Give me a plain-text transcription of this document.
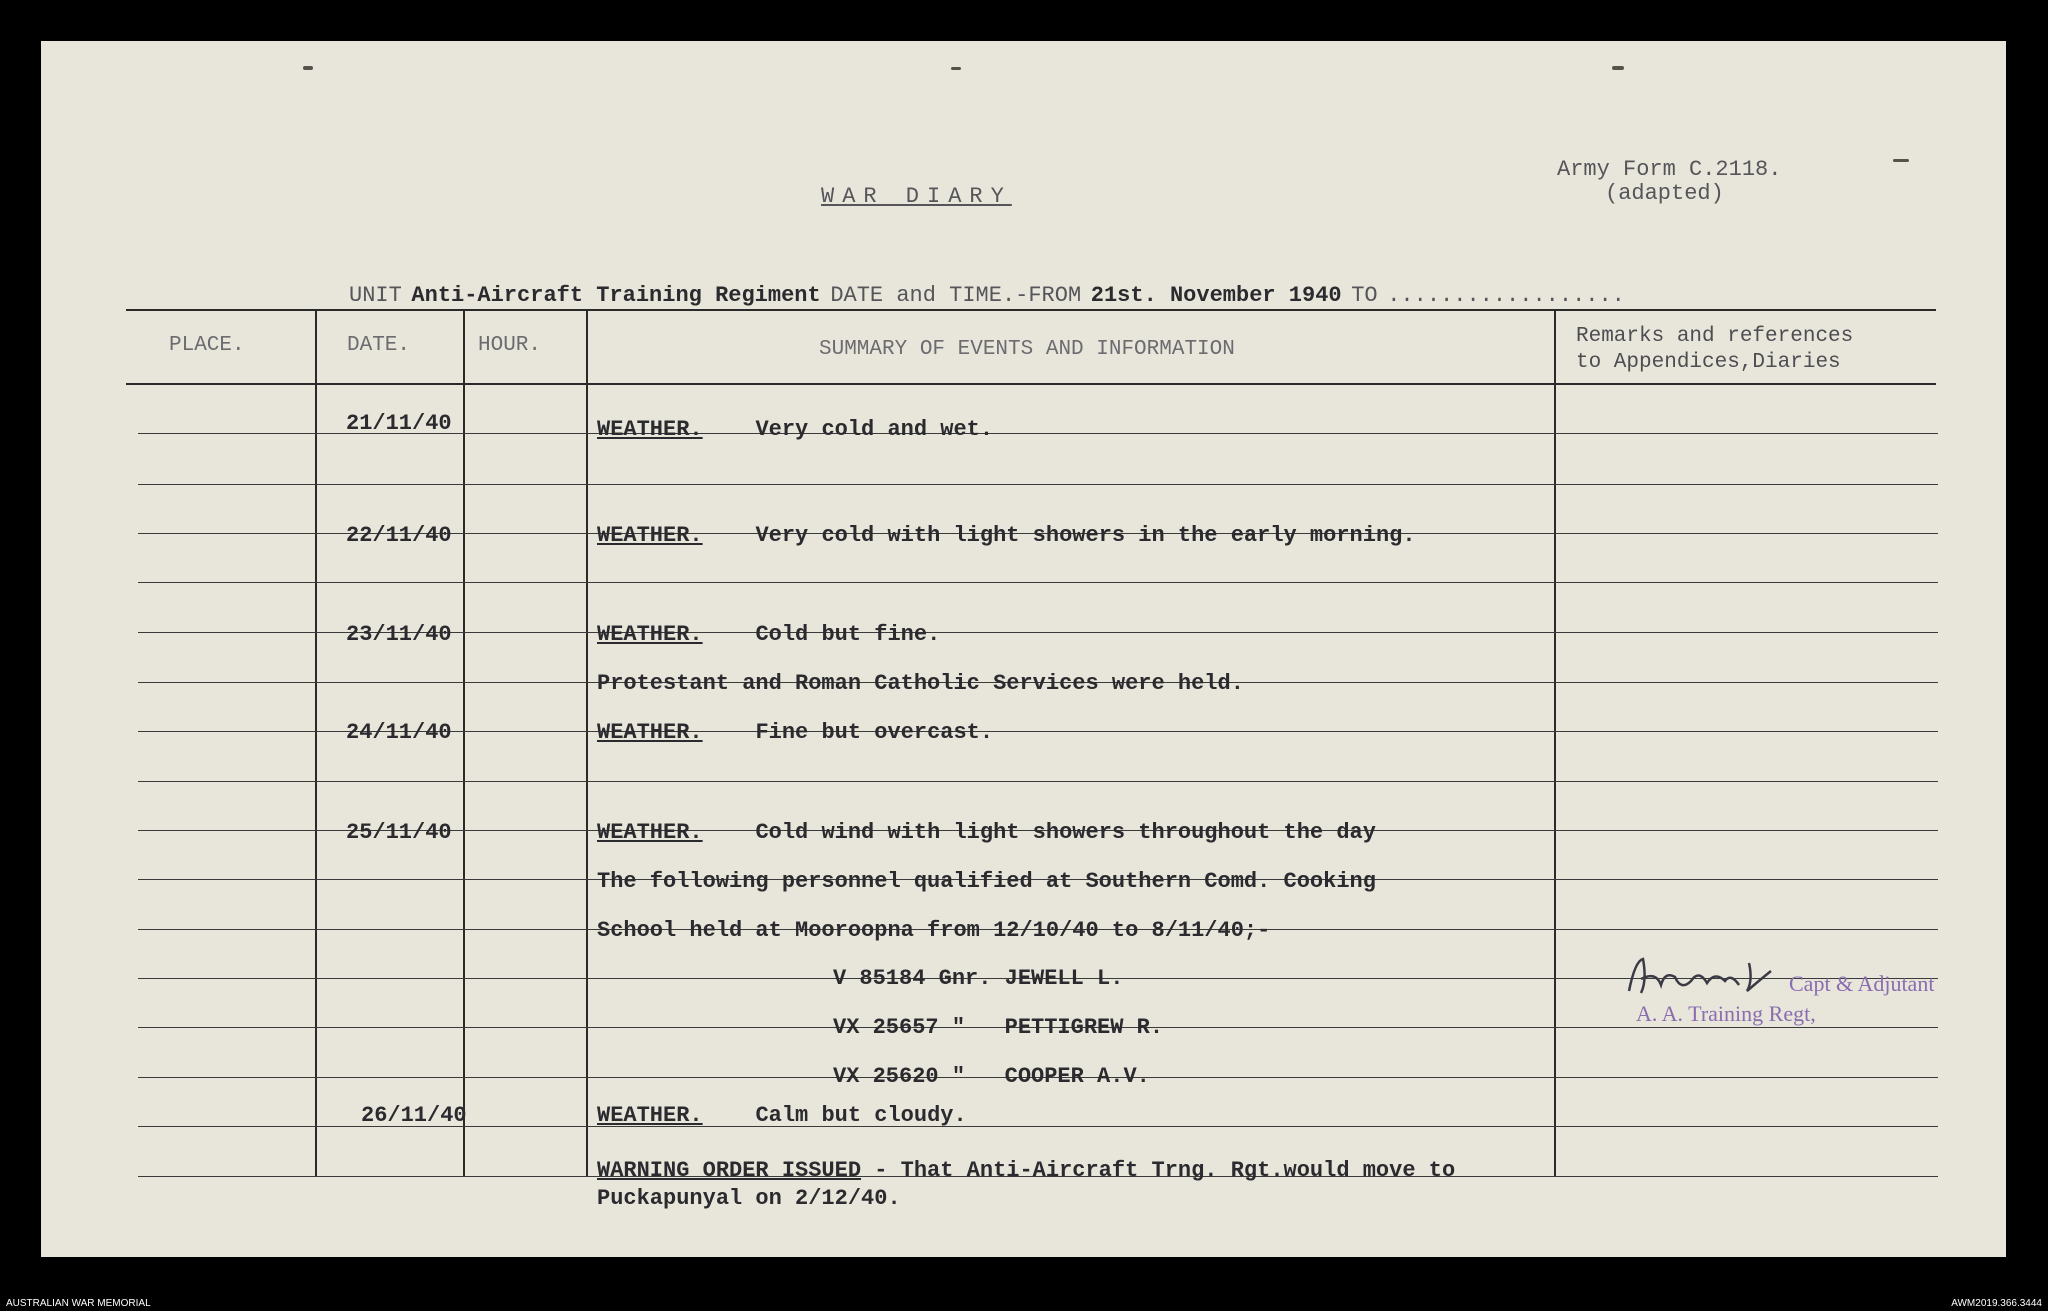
WAR DIARY
Army Form C.2118.
(adapted)
UNIT Anti-Aircraft Training Regiment DATE and TIME.-FROM 21st. November 1940 TO ..................
PLACE.	DATE.	HOUR.	SUMMARY OF EVENTS AND INFORMATION
Remarks and references
to Appendices,Diaries
21/11/40	WEATHER. Very cold and wet.
22/11/40	WEATHER. Very cold with light showers in the early morning.
23/11/40	WEATHER. Cold but fine.
Protestant and Roman Catholic Services were held.
24/11/40	WEATHER. Fine but overcast.
25/11/40	WEATHER. Cold wind with light showers throughout the day
The following personnel qualified at Southern Comd. Cooking
School held at Mooroopna from 12/10/40 to 8/11/40;-
V 85184 Gnr. JEWELL L.
VX 25657 "   PETTIGREW R.
VX 25620 "   COOPER A.V.
26/11/40	WEATHER. Calm but cloudy.
WARNING ORDER ISSUED - That Anti-Aircraft Trng. Rgt.would move to
Puckapunyal on 2/12/40.
Capt & Adjutant
A. A. Training Regt,
AUSTRALIAN WAR MEMORIAL	AWM2019.366.3444
